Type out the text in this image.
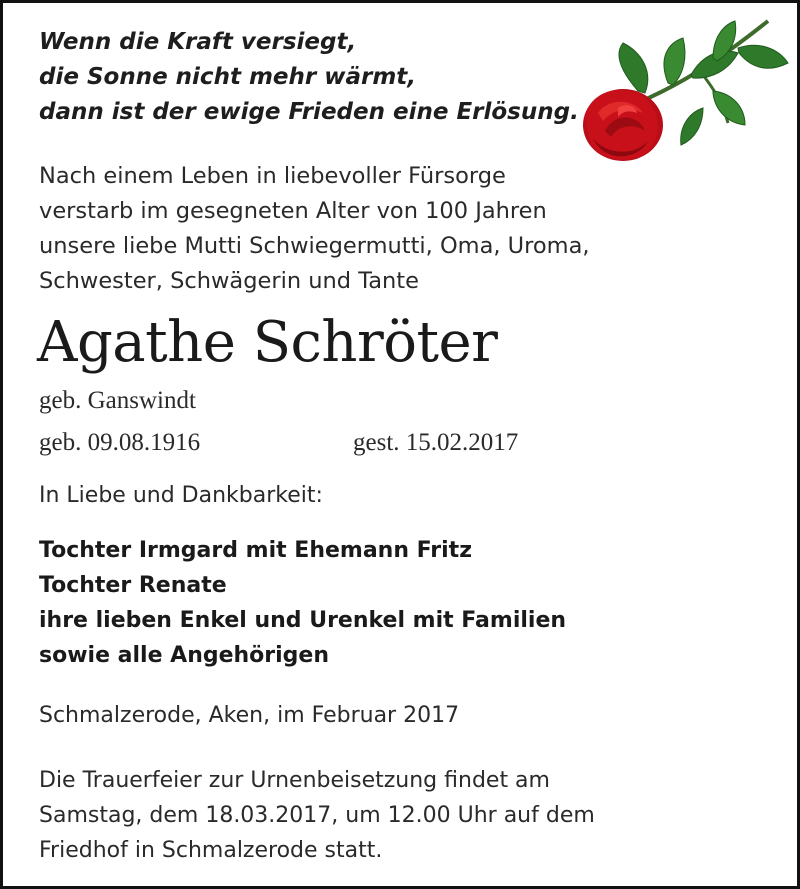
Wenn die Kraft versiegt,
die Sonne nicht mehr wärmt,
dann ist der ewige Frieden eine Erlösung.
Nach einem Leben in liebevoller Fürsorge
verstarb im gesegneten Alter von 100 Jahren
unsere liebe Mutti Schwiegermutti, Oma, Uroma,
Schwester, Schwägerin und Tante
Agathe Schröter
geb. Ganswindt
geb. 09.08.1916	gest. 15.02.2017
In Liebe und Dankbarkeit:
Tochter Irmgard mit Ehemann Fritz
Tochter Renate
ihre lieben Enkel und Urenkel mit Familien
sowie alle Angehörigen
Schmalzerode, Aken, im Februar 2017
Die Trauerfeier zur Urnenbeisetzung findet am
Samstag, dem 18.03.2017, um 12.00 Uhr auf dem
Friedhof in Schmalzerode statt.
